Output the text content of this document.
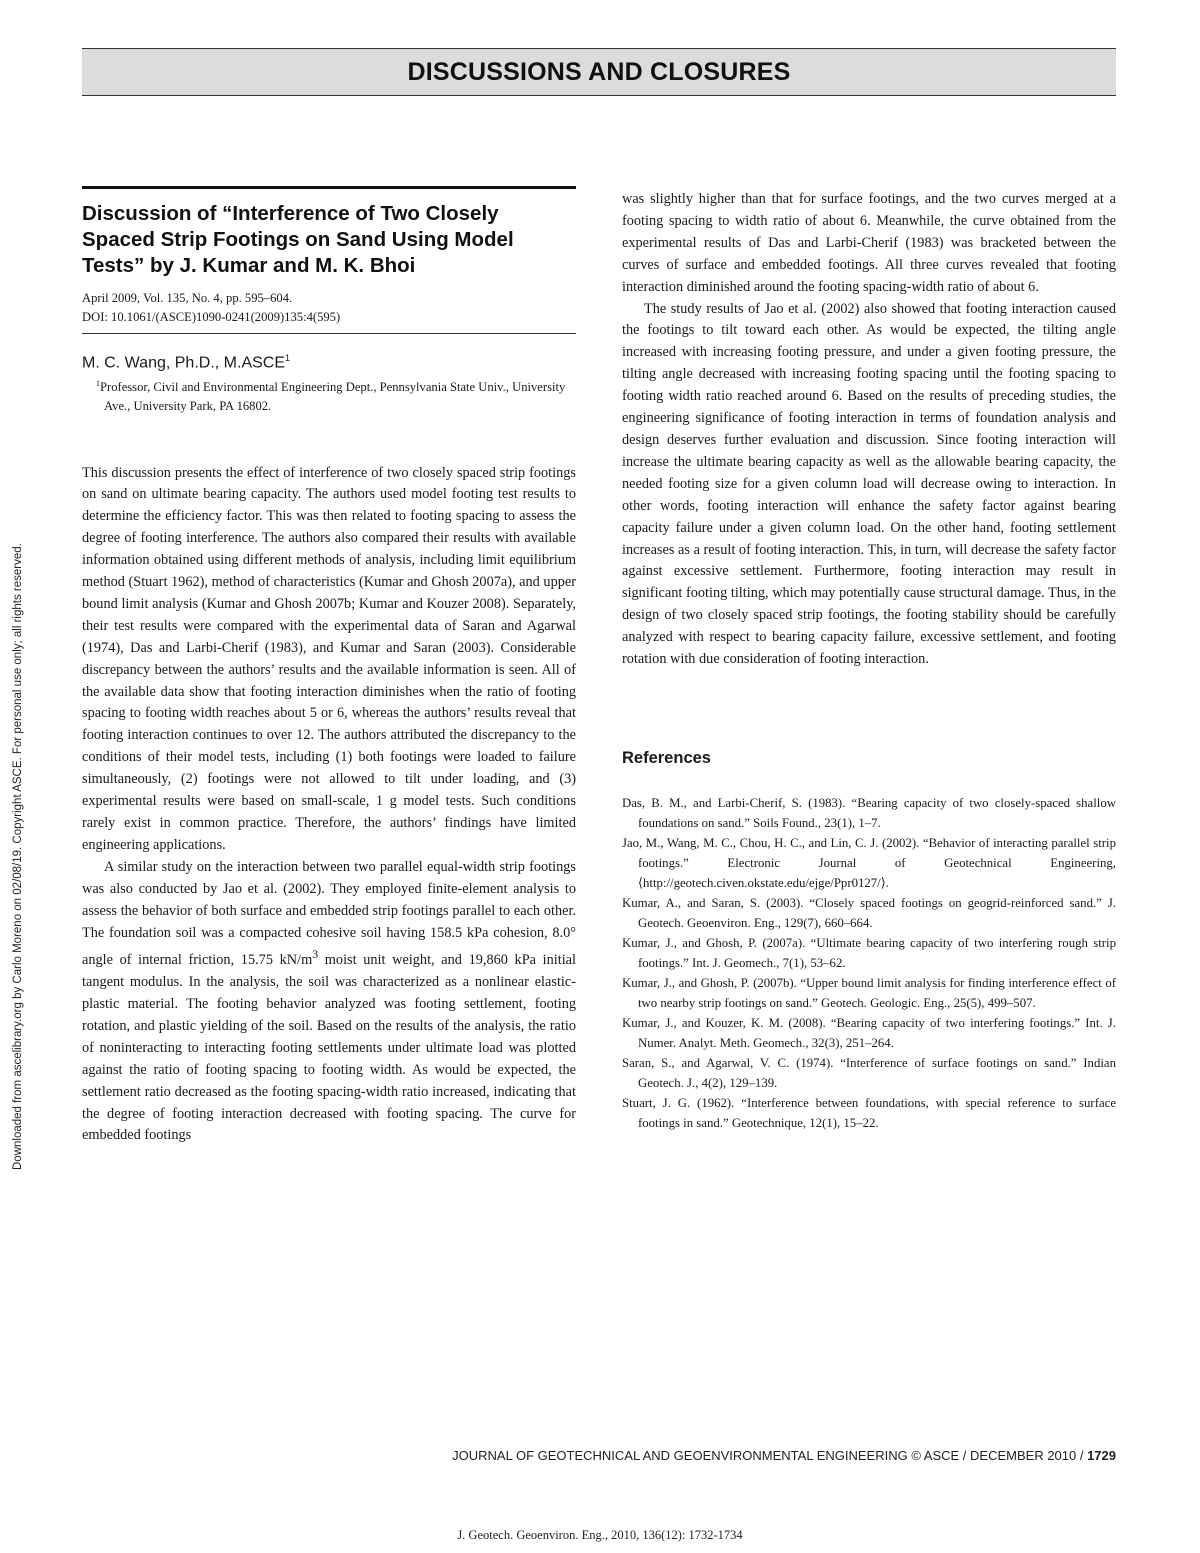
Downloaded from ascelibrary.org by Carlo Moreno on 02/08/19. Copyright ASCE. For personal use only; all rights reserved.
DISCUSSIONS AND CLOSURES
Discussion of “Interference of Two Closely Spaced Strip Footings on Sand Using Model Tests” by J. Kumar and M. K. Bhoi
April 2009, Vol. 135, No. 4, pp. 595–604.
DOI: 10.1061/(ASCE)1090-0241(2009)135:4(595)
M. C. Wang, Ph.D., M.ASCE$^1$
$^1$Professor, Civil and Environmental Engineering Dept., Pennsylvania State Univ., University Ave., University Park, PA 16802.

This discussion presents the effect of interference of two closely spaced strip footings on sand on ultimate bearing capacity. The authors used model footing test results to determine the efficiency factor. This was then related to footing spacing to assess the degree of footing interference. The authors also compared their results with available information obtained using different methods of analysis, including limit equilibrium method (Stuart 1962), method of characteristics (Kumar and Ghosh 2007a), and upper bound limit analysis (Kumar and Ghosh 2007b; Kumar and Kouzer 2008). Separately, their test results were compared with the experimental data of Saran and Agarwal (1974), Das and Larbi-Cherif (1983), and Kumar and Saran (2003). Considerable discrepancy between the authors’ results and the available information is seen. All of the available data show that footing interaction diminishes when the ratio of footing spacing to footing width reaches about 5 or 6, whereas the authors’ results reveal that footing interaction continues to over 12. The authors attributed the discrepancy to the conditions of their model tests, including (1) both footings were loaded to failure simultaneously, (2) footings were not allowed to tilt under loading, and (3) experimental results were based on small-scale, 1 g model tests. Such conditions rarely exist in common practice. Therefore, the authors’ findings have limited engineering applications.

A similar study on the interaction between two parallel equal-width strip footings was also conducted by Jao et al. (2002). They employed finite-element analysis to assess the behavior of both surface and embedded strip footings parallel to each other. The foundation soil was a compacted cohesive soil having 158.5 kPa cohesion, 8.0° angle of internal friction, 15.75 $kN/m^3$ moist unit weight, and 19,860 kPa initial tangent modulus. In the analysis, the soil was characterized as a nonlinear elastic-plastic material. The footing behavior analyzed was footing settlement, footing rotation, and plastic yielding of the soil. Based on the results of the analysis, the ratio of noninteracting to interacting footing settlements under ultimate load was plotted against the ratio of footing spacing to footing width. As would be expected, the settlement ratio decreased as the footing spacing-width ratio increased, indicating that the degree of footing interaction decreased with footing spacing. The curve for embedded footings

was slightly higher than that for surface footings, and the two curves merged at a footing spacing to width ratio of about 6. Meanwhile, the curve obtained from the experimental results of Das and Larbi-Cherif (1983) was bracketed between the curves of surface and embedded footings. All three curves revealed that footing interaction diminished around the footing spacing-width ratio of about 6.

The study results of Jao et al. (2002) also showed that footing interaction caused the footings to tilt toward each other. As would be expected, the tilting angle increased with increasing footing pressure, and under a given footing pressure, the tilting angle decreased with increasing footing spacing until the footing spacing to footing width ratio reached around 6. Based on the results of preceding studies, the engineering significance of footing interaction in terms of foundation analysis and design deserves further evaluation and discussion. Since footing interaction will increase the ultimate bearing capacity as well as the allowable bearing capacity, the needed footing size for a given column load will decrease owing to interaction. In other words, footing interaction will enhance the safety factor against bearing capacity failure under a given column load. On the other hand, footing settlement increases as a result of footing interaction. This, in turn, will decrease the safety factor against excessive settlement. Furthermore, footing interaction may result in significant footing tilting, which may potentially cause structural damage. Thus, in the design of two closely spaced strip footings, the footing stability should be carefully analyzed with respect to bearing capacity failure, excessive settlement, and footing rotation with due consideration of footing interaction.

References
Das, B. M., and Larbi-Cherif, S. (1983). “Bearing capacity of two closely-spaced shallow foundations on sand.” Soils Found., 23(1), 1–7.
Jao, M., Wang, M. C., Chou, H. C., and Lin, C. J. (2002). “Behavior of interacting parallel strip footings.” Electronic Journal of Geotechnical Engineering, ⟨http://geotech.civen.okstate.edu/ejge/Ppr0127/⟩.
Kumar, A., and Saran, S. (2003). “Closely spaced footings on geogrid-reinforced sand.” J. Geotech. Geoenviron. Eng., 129(7), 660–664.
Kumar, J., and Ghosh, P. (2007a). “Ultimate bearing capacity of two interfering rough strip footings.” Int. J. Geomech., 7(1), 53–62.
Kumar, J., and Ghosh, P. (2007b). “Upper bound limit analysis for finding interference effect of two nearby strip footings on sand.” Geotech. Geologic. Eng., 25(5), 499–507.
Kumar, J., and Kouzer, K. M. (2008). “Bearing capacity of two interfering footings.” Int. J. Numer. Analyt. Meth. Geomech., 32(3), 251–264.
Saran, S., and Agarwal, V. C. (1974). “Interference of surface footings on sand.” Indian Geotech. J., 4(2), 129–139.
Stuart, J. G. (1962). “Interference between foundations, with special reference to surface footings in sand.” Geotechnique, 12(1), 15–22.
JOURNAL OF GEOTECHNICAL AND GEOENVIRONMENTAL ENGINEERING © ASCE / DECEMBER 2010 / 1729
J. Geotech. Geoenviron. Eng., 2010, 136(12): 1732-1734
